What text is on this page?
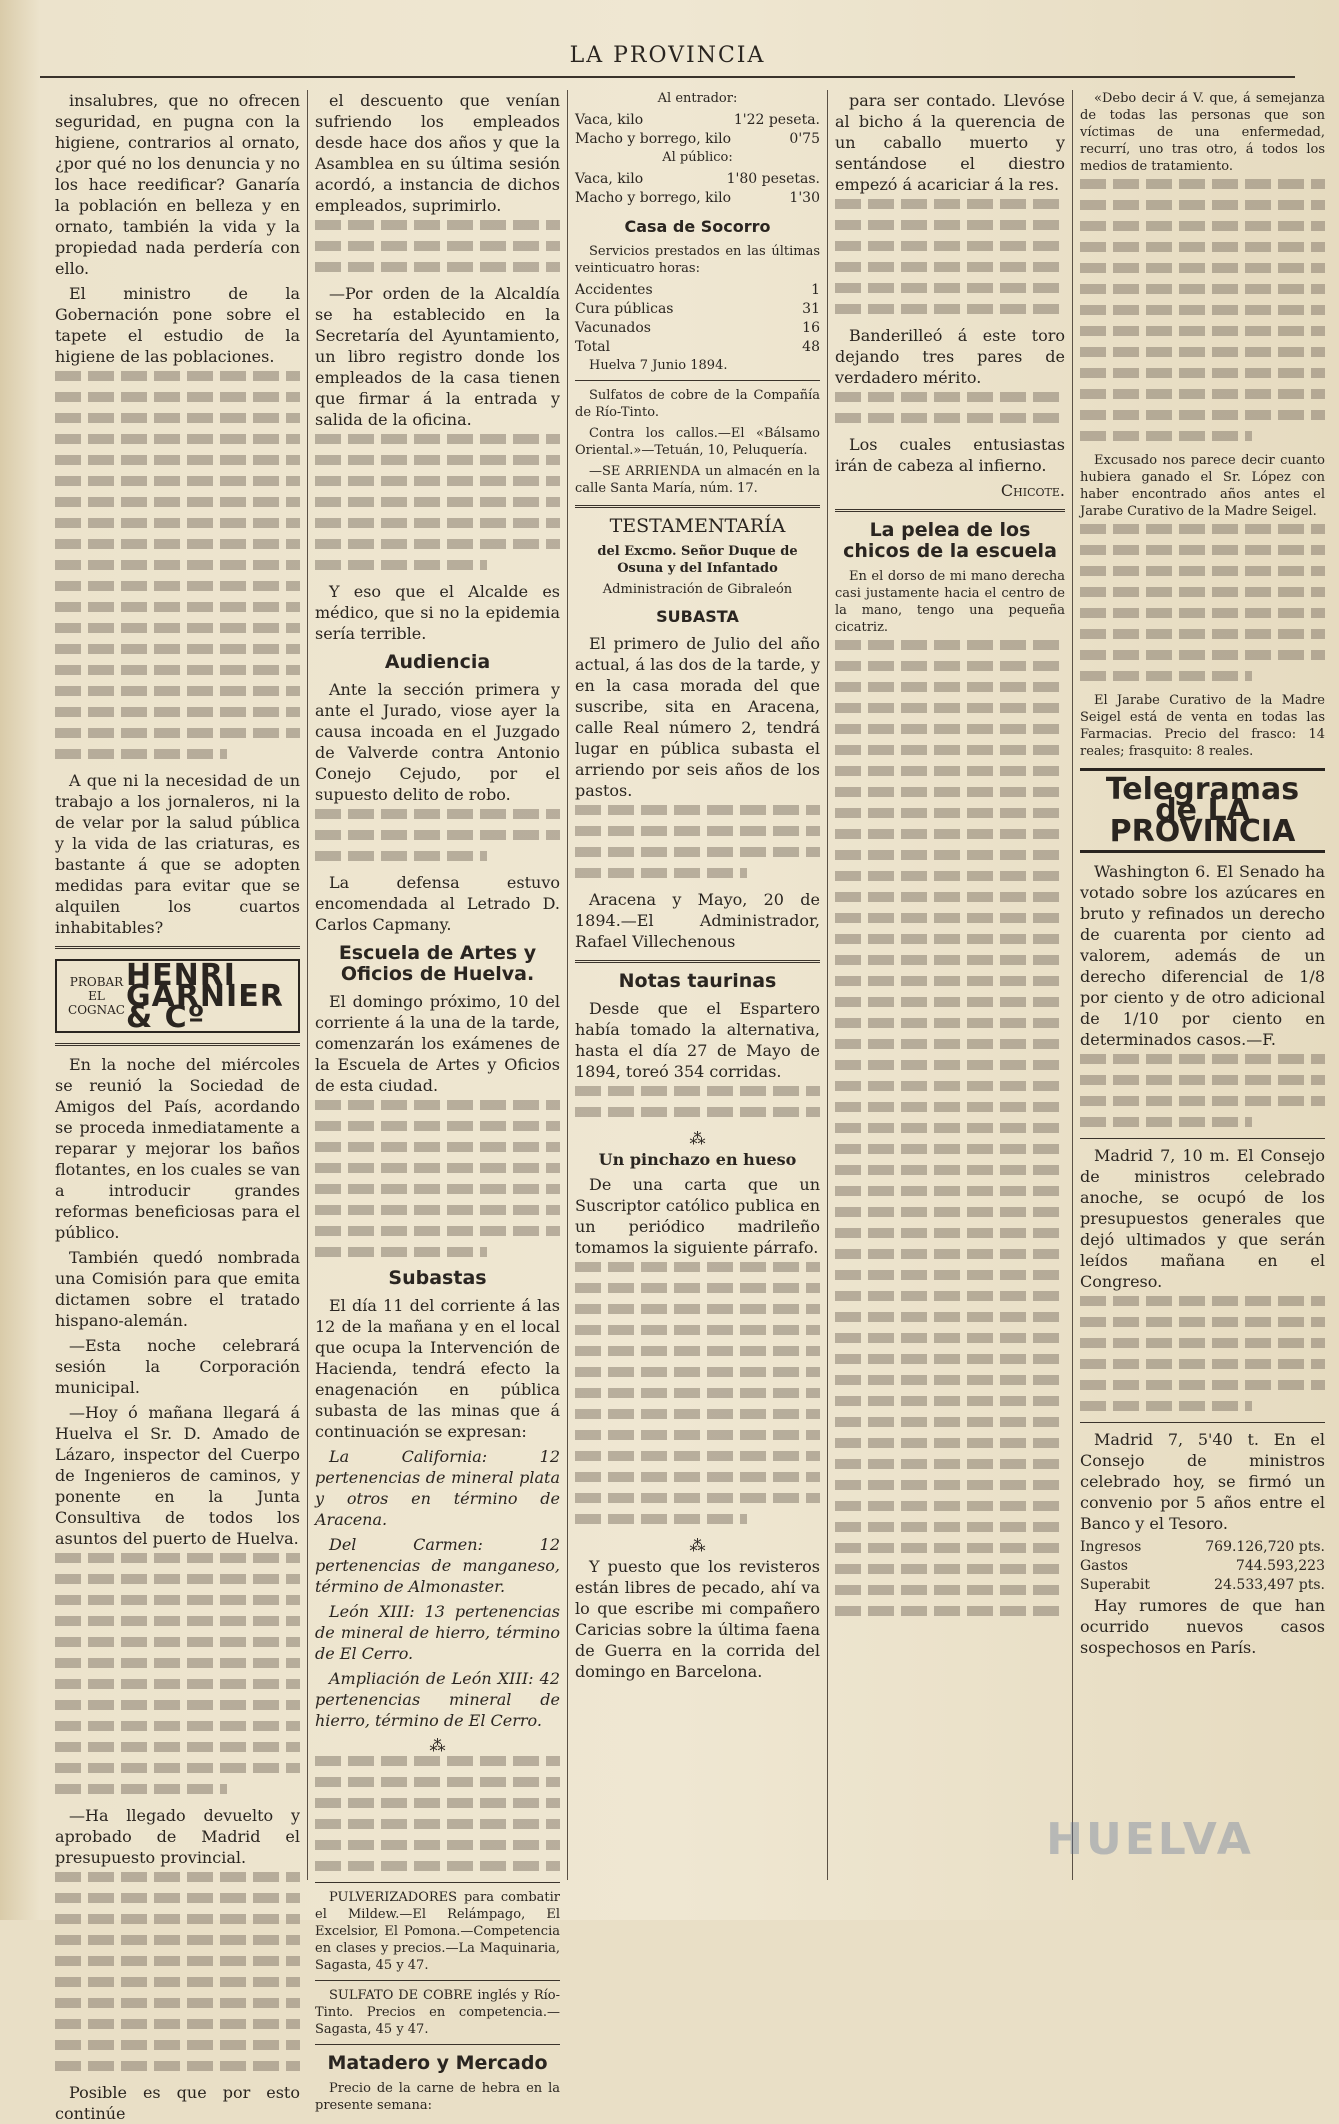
LA PROVINCIA

insalubres, que no ofrecen seguridad, en pugna con la higiene, contrarios al ornato, ¿por qué no los denuncia y no los hace reedificar? Ganaría la población en belleza y en ornato, también la vida y la propiedad nada perdería con ello.

El ministro de la Gobernación pone sobre el tapete el estudio de la higiene de las poblaciones.

A que ni la necesidad de un trabajo a los jornaleros, ni la de velar por la salud pública y la vida de las criaturas, es bastante á que se adopten medidas para evitar que se alquilen los cuartos inhabitables?

PROBAR EL COGNAC
HENRI GARNIER & Cº

En la noche del miércoles se reunió la Sociedad de Amigos del País, acordando se proceda inmediatamente a reparar y mejorar los baños flotantes, en los cuales se van a introducir grandes reformas beneficiosas para el público.

También quedó nombrada una Comisión para que emita dictamen sobre el tratado hispano-alemán.

—Esta noche celebrará sesión la Corporación municipal.

—Hoy ó mañana llegará á Huelva el Sr. D. Amado de Lázaro, inspector del Cuerpo de Ingenieros de caminos, y ponente en la Junta Consultiva de todos los asuntos del puerto de Huelva.

—Ha llegado devuelto y aprobado de Madrid el presupuesto provincial.

Posible es que por esto continúe

el descuento que venían sufriendo los empleados desde hace dos años y que la Asamblea en su última sesión acordó, a instancia de dichos empleados, suprimirlo.

—Por orden de la Alcaldía se ha establecido en la Secretaría del Ayuntamiento, un libro registro donde los empleados de la casa tienen que firmar á la entrada y salida de la oficina.

Y eso que el Alcalde es médico, que si no la epidemia sería terrible.

Audiencia

Ante la sección primera y ante el Jurado, viose ayer la causa incoada en el Juzgado de Valverde contra Antonio Conejo Cejudo, por el supuesto delito de robo.

La defensa estuvo encomendada al Letrado D. Carlos Capmany.

Escuela de Artes y Oficios de Huelva.

El domingo próximo, 10 del corriente á la una de la tarde, comenzarán los exámenes de la Escuela de Artes y Oficios de esta ciudad.

Subastas

El día 11 del corriente á las 12 de la mañana y en el local que ocupa la Intervención de Hacienda, tendrá efecto la enagenación en pública subasta de las minas que á continuación se expresan:

La California: 12 pertenencias de mineral plata y otros en término de Aracena.

Del Carmen: 12 pertenencias de manganeso, término de Almonaster.

León XIII: 13 pertenencias de mineral de hierro, término de El Cerro.

Ampliación de León XIII: 42 pertenencias mineral de hierro, término de El Cerro.

⁂

PULVERIZADORES para combatir el Mildew.—El Relámpago, El Excelsior, El Pomona.—Competencia en clases y precios.—La Maquinaria, Sagasta, 45 y 47.

SULFATO DE COBRE inglés y Río-Tinto. Precios en competencia.—Sagasta, 45 y 47.

Matadero y Mercado

Precio de la carne de hebra en la presente semana:

Al entrador:

Vaca, kilo	1'22 peseta.
Macho y borrego, kilo	0'75

Al público:

Vaca, kilo	1'80 pesetas.
Macho y borrego, kilo	1'30
Casa de Socorro

Servicios prestados en las últimas veinticuatro horas:

Accidentes	1
Cura públicas	31
Vacunados	16
Total	48

Huelva 7 Junio 1894.

Sulfatos de cobre de la Compañía de Río-Tinto.

Contra los callos.—El «Bálsamo Oriental.»—Tetuán, 10, Peluquería.

—SE ARRIENDA un almacén en la calle Santa María, núm. 17.

TESTAMENTARÍA

del Excmo. Señor Duque de Osuna y del Infantado

Administración de Gibraleón

SUBASTA

El primero de Julio del año actual, á las dos de la tarde, y en la casa morada del que suscribe, sita en Aracena, calle Real número 2, tendrá lugar en pública subasta el arriendo por seis años de los pastos.

Aracena y Mayo, 20 de 1894.—El Administrador, Rafael Villechenous

Notas taurinas

Desde que el Espartero había tomado la alternativa, hasta el día 27 de Mayo de 1894, toreó 354 corridas.

⁂

Un pinchazo en hueso

De una carta que un Suscriptor católico publica en un periódico madrileño tomamos la siguiente párrafo.

⁂

Y puesto que los revisteros están libres de pecado, ahí va lo que escribe mi compañero Caricias sobre la última faena de Guerra en la corrida del domingo en Barcelona.

para ser contado. Llevóse al bicho á la querencia de un caballo muerto y sentándose el diestro empezó á acariciar á la res.

Banderilleó á este toro dejando tres pares de verdadero mérito.

Los cuales entusiastas irán de cabeza al infierno.

Chicote.

La pelea de los chicos de la escuela

En el dorso de mi mano derecha casi justamente hacia el centro de la mano, tengo una pequeña cicatriz.

«Debo decir á V. que, á semejanza de todas las personas que son víctimas de una enfermedad, recurrí, uno tras otro, á todos los medios de tratamiento.

Excusado nos parece decir cuanto hubiera ganado el Sr. López con haber encontrado años antes el Jarabe Curativo de la Madre Seigel.

El Jarabe Curativo de la Madre Seigel está de venta en todas las Farmacias. Precio del frasco: 14 reales; frasquito: 8 reales.

Telegramas de LA PROVINCIA

Washington 6. El Senado ha votado sobre los azúcares en bruto y refinados un derecho de cuarenta por ciento ad valorem, además de un derecho diferencial de 1/8 por ciento y de otro adicional de 1/10 por ciento en determinados casos.—F.

Madrid 7, 10 m. El Consejo de ministros celebrado anoche, se ocupó de los presupuestos generales que dejó ultimados y que serán leídos mañana en el Congreso.

Madrid 7, 5'40 t. En el Consejo de ministros celebrado hoy, se firmó un convenio por 5 años entre el Banco y el Tesoro.

Ingresos	769.126,720 pts.
Gastos	744.593,223
Superabit	24.533,497 pts.

Hay rumores de que han ocurrido nuevos casos sospechosos en París.

HUELVA
